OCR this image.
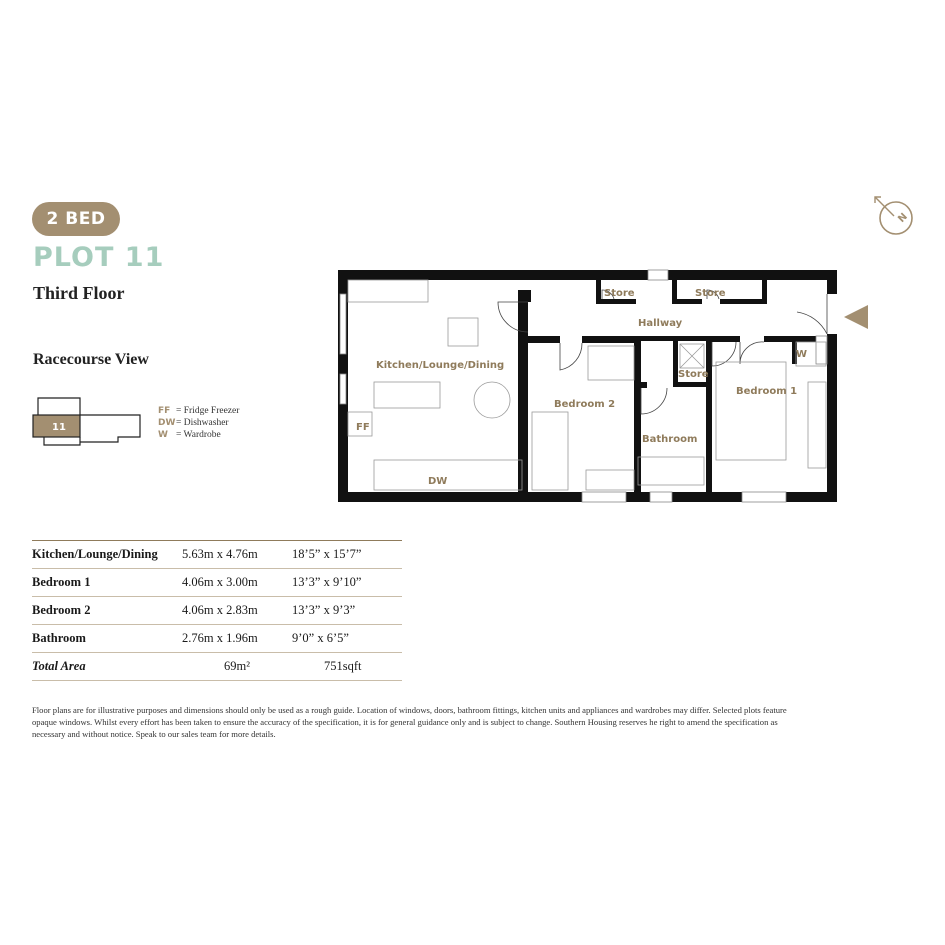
2 BED
PLOT 11
Third Floor
Racecourse View
N
11
FF = Fridge Freezer
DW= Dishwasher
W = Wardrobe
Kitchen/Lounge/Dining
Bedroom 2
Bedroom 1
Hallway
Bathroom
Store	Store
Store
FF
DW
W
Kitchen/Lounge/Dining	5.63m x 4.76m	18’5” x 15’7”
Bedroom 1	4.06m x 3.00m	13’3” x 9’10”
Bedroom 2	4.06m x 2.83m	13’3” x 9’3”
Bathroom	2.76m x 1.96m	9’0” x 6’5”
Total Area	69m²	751sqft
Floor plans are for illustrative purposes and dimensions should only be used as a rough guide. Location of windows, doors, bathroom fittings, kitchen units and appliances and wardrobes may differ. Selected plots feature opaque windows. Whilst every effort has been taken to ensure the accuracy of the specification, it is for general guidance only and is subject to change. Southern Housing reserves he right to amend the specification as necessary and without notice. Speak to our sales team for more details.
